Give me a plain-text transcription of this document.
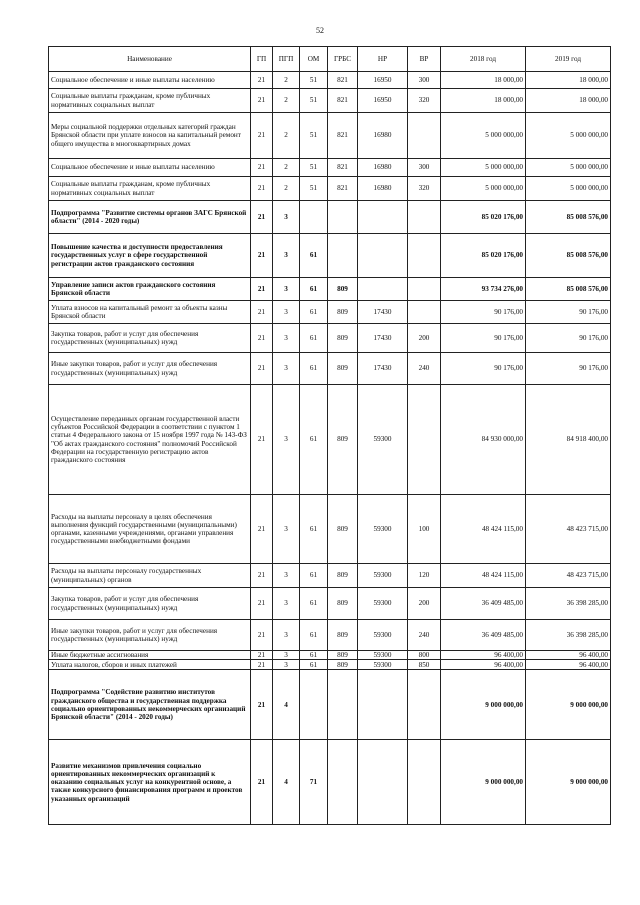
52
Наименование	ГП	ПГП	ОМ	ГРБС	НР	ВР	2018 год	2019 год
Социальное обеспечение и иные выплаты населению	21	2	51	821	16950	300	18 000,00	18 000,00
Социальные выплаты гражданам, кроме публичных нормативных социальных выплат	21	2	51	821	16950	320	18 000,00	18 000,00
Меры социальной поддержки отдельных категорий граждан Брянской области при уплате взносов на капитальный ремонт общего имущества в многоквартирных домах	21	2	51	821	16980		5 000 000,00	5 000 000,00
Социальное обеспечение и иные выплаты населению	21	2	51	821	16980	300	5 000 000,00	5 000 000,00
Социальные выплаты гражданам, кроме публичных нормативных социальных выплат	21	2	51	821	16980	320	5 000 000,00	5 000 000,00
Подпрограмма "Развитие системы органов ЗАГС Брянской области" (2014 - 2020 годы)	21	3					85 020 176,00	85 008 576,00
Повышение качества и доступности предоставления государственных услуг в сфере государственной регистрации актов гражданского состояния	21	3	61				85 020 176,00	85 008 576,00
Управление записи актов гражданского состояния Брянской области	21	3	61	809			93 734 276,00	85 008 576,00
Уплата взносов на капитальный ремонт за объекты казны Брянской области	21	3	61	809	17430		90 176,00	90 176,00
Закупка товаров, работ и услуг для обеспечения государственных (муниципальных) нужд	21	3	61	809	17430	200	90 176,00	90 176,00
Иные закупки товаров, работ и услуг для обеспечения государственных (муниципальных) нужд	21	3	61	809	17430	240	90 176,00	90 176,00
Осуществление переданных органам государственной власти субъектов Российской Федерации в соответствии с пунктом 1 статьи 4 Федерального закона от 15 ноября 1997 года № 143-ФЗ "Об актах гражданского состояния" полномочий Российской Федерации на государственную регистрацию актов гражданского состояния	21	3	61	809	59300		84 930 000,00	84 918 400,00
Расходы на выплаты персоналу в целях обеспечения выполнения функций государственными (муниципальными) органами, казенными учреждениями, органами управления государственными внебюджетными фондами	21	3	61	809	59300	100	48 424 115,00	48 423 715,00
Расходы на выплаты персоналу государственных (муниципальных) органов	21	3	61	809	59300	120	48 424 115,00	48 423 715,00
Закупка товаров, работ и услуг для обеспечения государственных (муниципальных) нужд	21	3	61	809	59300	200	36 409 485,00	36 398 285,00
Иные закупки товаров, работ и услуг для обеспечения государственных (муниципальных) нужд	21	3	61	809	59300	240	36 409 485,00	36 398 285,00
Иные бюджетные ассигнования	21	3	61	809	59300	800	96 400,00	96 400,00
Уплата налогов, сборов и иных платежей	21	3	61	809	59300	850	96 400,00	96 400,00
Подпрограмма "Содействие развитию институтов гражданского общества и государственная поддержка социально ориентированных некоммерческих организаций Брянской области" (2014 - 2020 годы)	21	4					9 000 000,00	9 000 000,00
Развитие механизмов привлечения социально ориентированных некоммерческих организаций к оказанию социальных услуг на конкурентной основе, а также конкурсного финансирования программ и проектов указанных организаций	21	4	71				9 000 000,00	9 000 000,00
